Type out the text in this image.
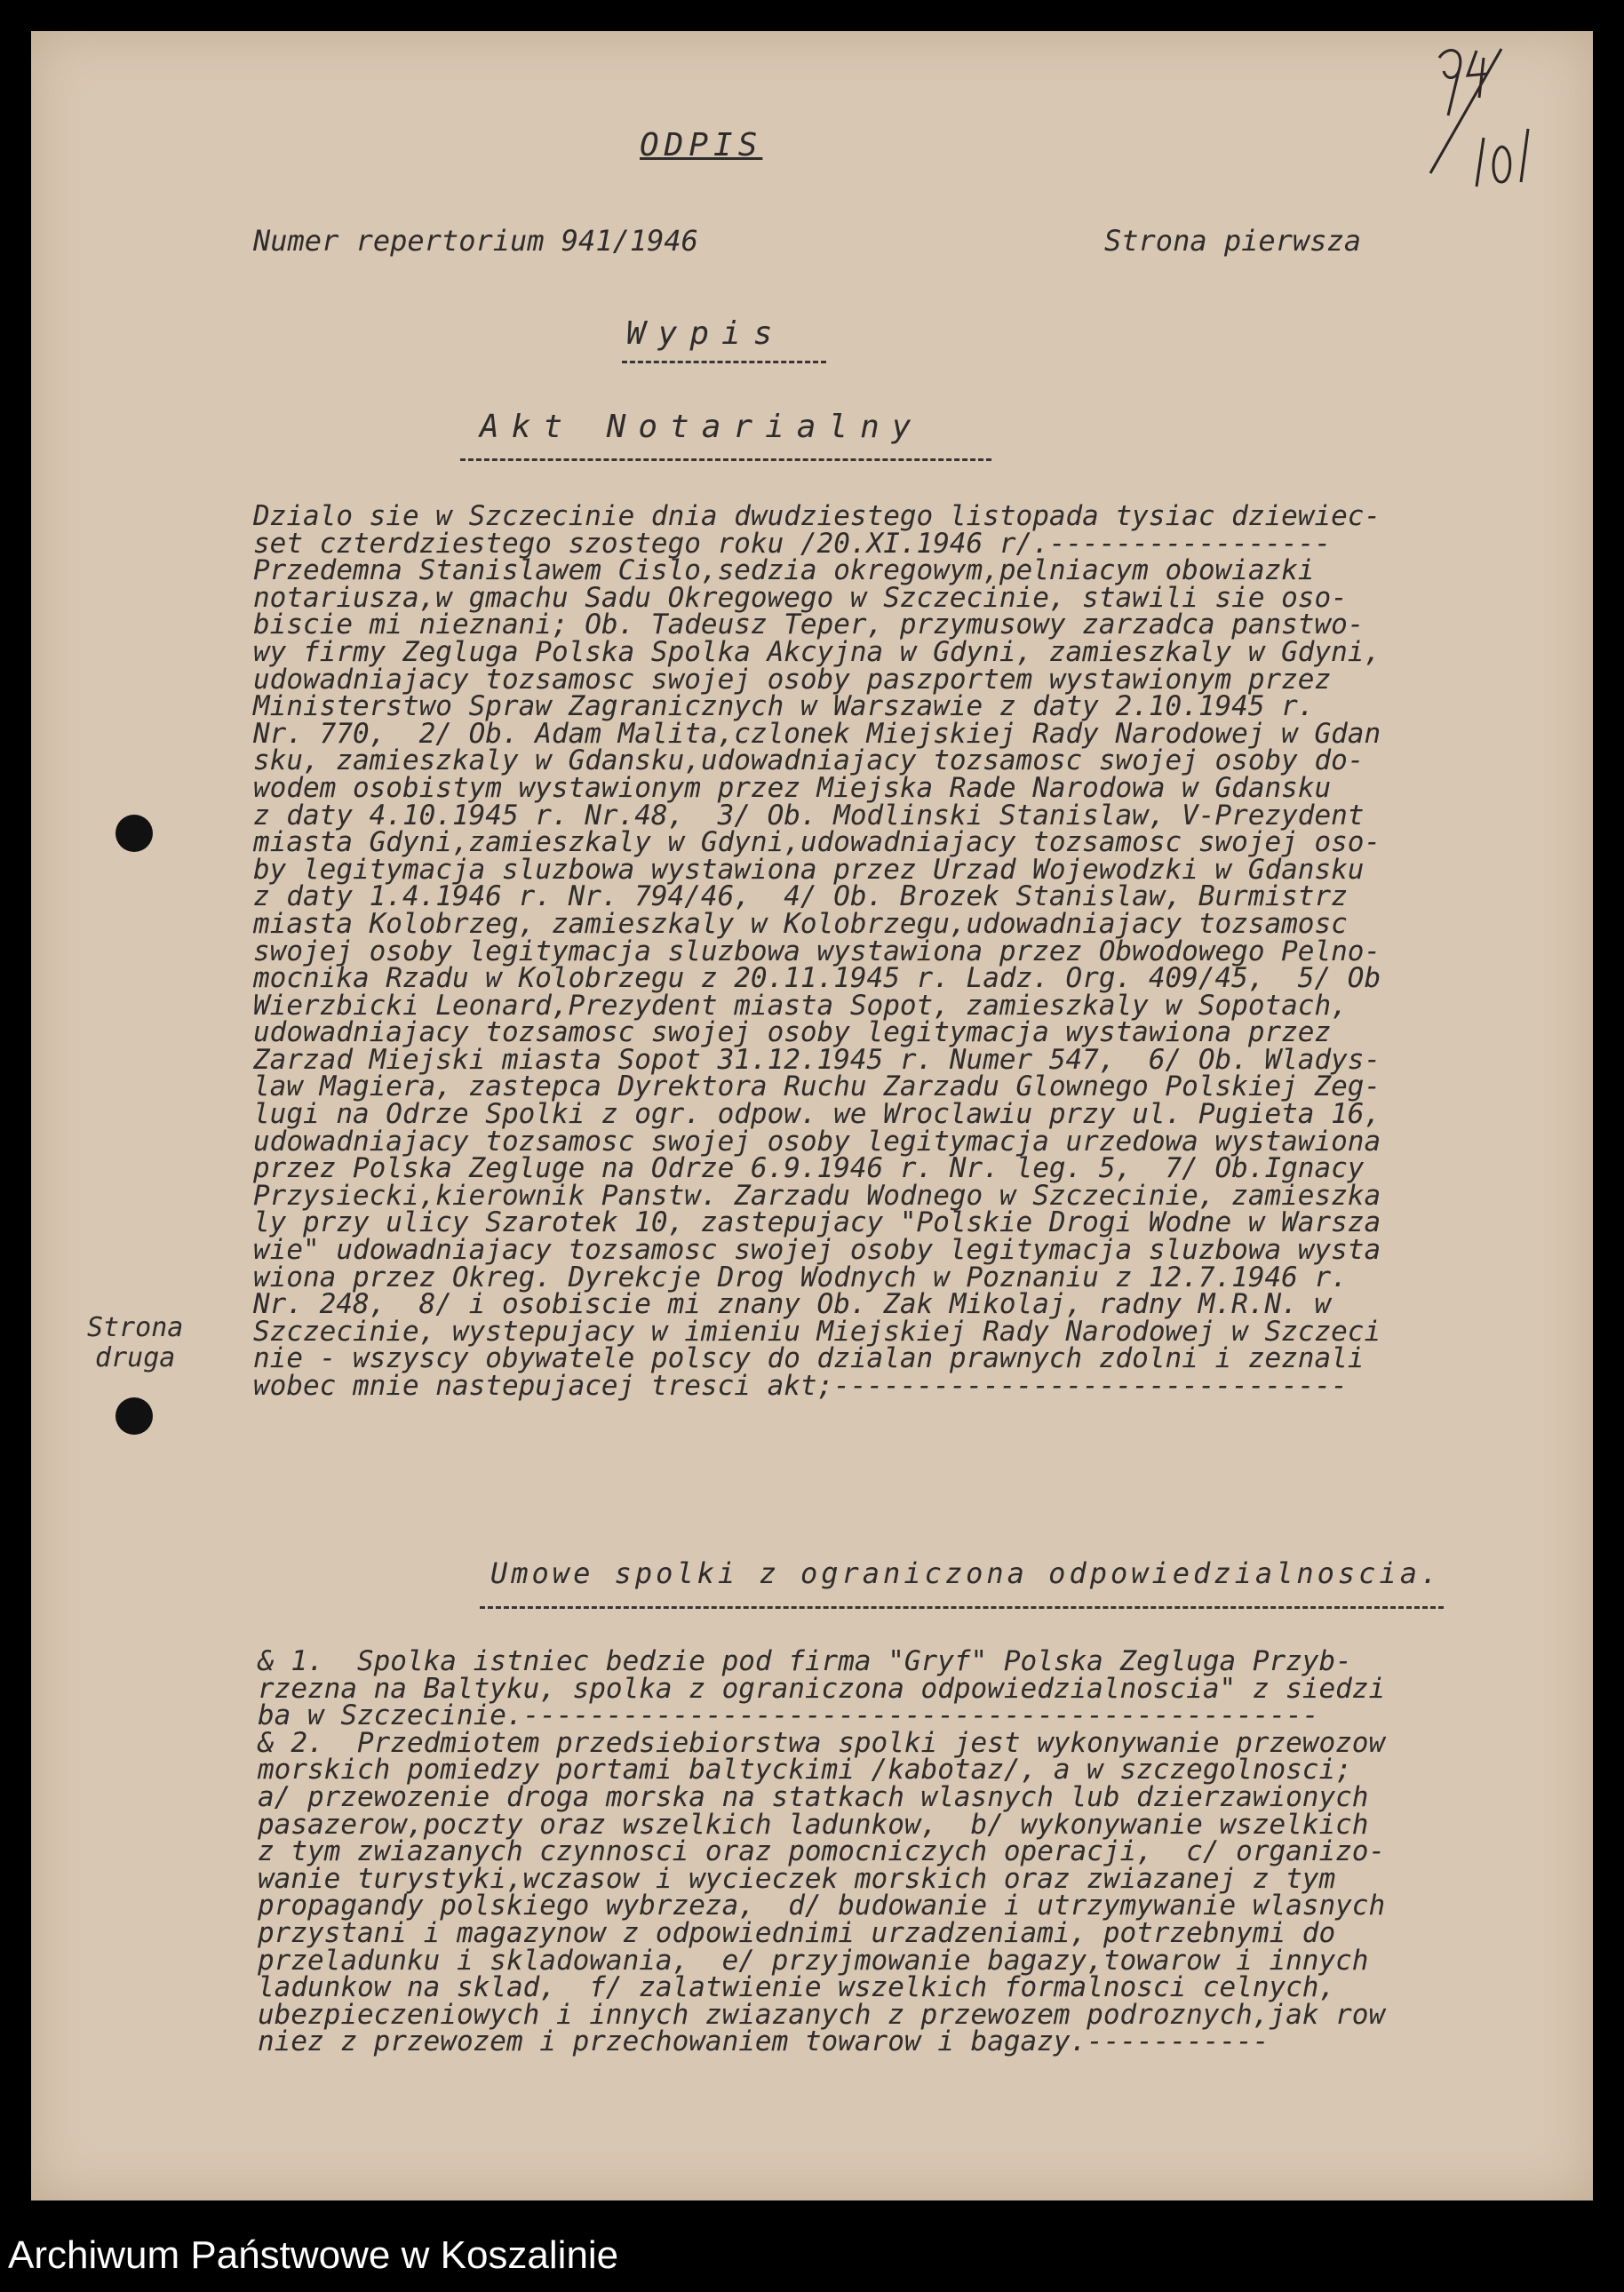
ODPIS
Numer repertorium 941/1946	Strona pierwsza
Wypis
Akt Notarialny
Dzialo sie w Szczecinie dnia dwudziestego listopada tysiac dziewiec-
set czterdziestego szostego roku /20.XI.1946 r/.-----------------
Przedemna Stanislawem Cislo,sedzia okregowym,pelniacym obowiazki
notariusza,w gmachu Sadu Okregowego w Szczecinie, stawili sie oso-
biscie mi nieznani; Ob. Tadeusz Teper, przymusowy zarzadca panstwo-
wy firmy Zegluga Polska Spolka Akcyjna w Gdyni, zamieszkaly w Gdyni,
udowadniajacy tozsamosc swojej osoby paszportem wystawionym przez
Ministerstwo Spraw Zagranicznych w Warszawie z daty 2.10.1945 r.
Nr. 770,  2/ Ob. Adam Malita,czlonek Miejskiej Rady Narodowej w Gdan
sku, zamieszkaly w Gdansku,udowadniajacy tozsamosc swojej osoby do-
wodem osobistym wystawionym przez Miejska Rade Narodowa w Gdansku
z daty 4.10.1945 r. Nr.48,  3/ Ob. Modlinski Stanislaw, V-Prezydent
miasta Gdyni,zamieszkaly w Gdyni,udowadniajacy tozsamosc swojej oso-
by legitymacja sluzbowa wystawiona przez Urzad Wojewodzki w Gdansku
z daty 1.4.1946 r. Nr. 794/46,  4/ Ob. Brozek Stanislaw, Burmistrz
miasta Kolobrzeg, zamieszkaly w Kolobrzegu,udowadniajacy tozsamosc
swojej osoby legitymacja sluzbowa wystawiona przez Obwodowego Pelno-
mocnika Rzadu w Kolobrzegu z 20.11.1945 r. Ladz. Org. 409/45,  5/ Ob
Wierzbicki Leonard,Prezydent miasta Sopot, zamieszkaly w Sopotach,
udowadniajacy tozsamosc swojej osoby legitymacja wystawiona przez
Zarzad Miejski miasta Sopot 31.12.1945 r. Numer 547,  6/ Ob. Wladys-
law Magiera, zastepca Dyrektora Ruchu Zarzadu Glownego Polskiej Zeg-
lugi na Odrze Spolki z ogr. odpow. we Wroclawiu przy ul. Pugieta 16,
udowadniajacy tozsamosc swojej osoby legitymacja urzedowa wystawiona
przez Polska Zegluge na Odrze 6.9.1946 r. Nr. leg. 5,  7/ Ob.Ignacy
Przysiecki,kierownik Panstw. Zarzadu Wodnego w Szczecinie, zamieszka
ly przy ulicy Szarotek 10, zastepujacy "Polskie Drogi Wodne w Warsza
wie" udowadniajacy tozsamosc swojej osoby legitymacja sluzbowa wysta
wiona przez Okreg. Dyrekcje Drog Wodnych w Poznaniu z 12.7.1946 r.
Nr. 248,  8/ i osobiscie mi znany Ob. Zak Mikolaj, radny M.R.N. w
Szczecinie, wystepujacy w imieniu Miejskiej Rady Narodowej w Szczeci
nie - wszyscy obywatele polscy do dzialan prawnych zdolni i zeznali
wobec mnie nastepujacej tresci akt;-------------------------------
Umowe spolki z ograniczona odpowiedzialnoscia.
& 1.  Spolka istniec bedzie pod firma "Gryf" Polska Zegluga Przyb-
rzezna na Baltyku, spolka z ograniczona odpowiedzialnoscia" z siedzi
ba w Szczecinie.------------------------------------------------
& 2.  Przedmiotem przedsiebiorstwa spolki jest wykonywanie przewozow
morskich pomiedzy portami baltyckimi /kabotaz/, a w szczegolnosci;
a/ przewozenie droga morska na statkach wlasnych lub dzierzawionych
pasazerow,poczty oraz wszelkich ladunkow,  b/ wykonywanie wszelkich
z tym zwiazanych czynnosci oraz pomocniczych operacji,  c/ organizo-
wanie turystyki,wczasow i wycieczek morskich oraz zwiazanej z tym
propagandy polskiego wybrzeza,  d/ budowanie i utrzymywanie wlasnych
przystani i magazynow z odpowiednimi urzadzeniami, potrzebnymi do
przeladunku i skladowania,  e/ przyjmowanie bagazy,towarow i innych
ladunkow na sklad,  f/ zalatwienie wszelkich formalnosci celnych,
ubezpieczeniowych i innych zwiazanych z przewozem podroznych,jak row
niez z przewozem i przechowaniem towarow i bagazy.-----------
Strona
druga
Archiwum Państwowe w Koszalinie
